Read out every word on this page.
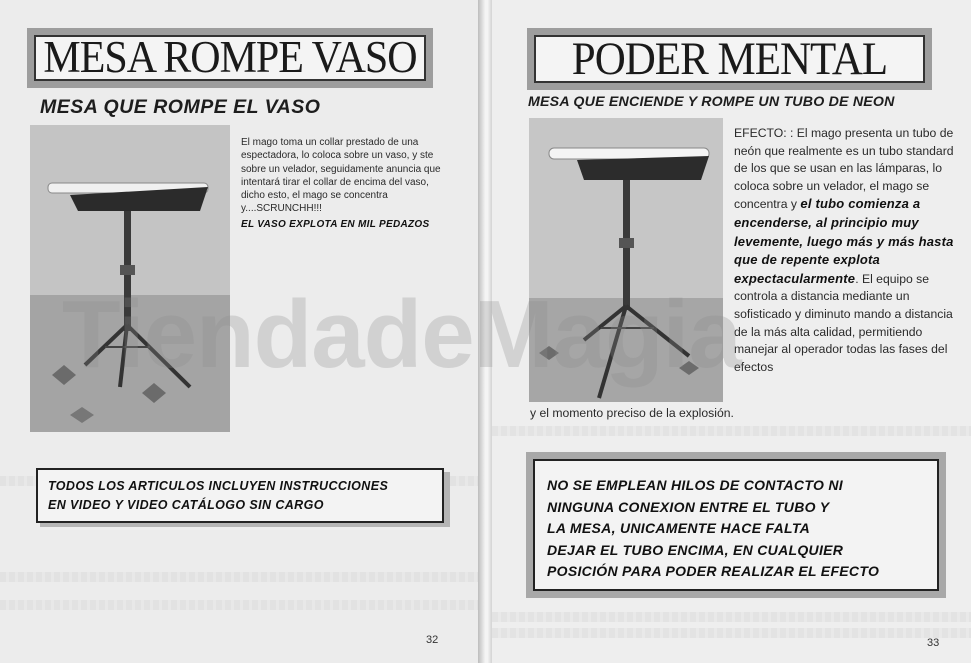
MESA ROMPE VASO
MESA QUE ROMPE EL VASO
El mago toma un collar prestado de una espectadora, lo coloca sobre un vaso, y ste sobre un velador, seguidamente anuncia que intentará tirar el collar de encima del vaso, dicho esto, el mago se concentra y....SCRUNCHH!!!
EL VASO EXPLOTA EN MIL PEDAZOS
TODOS LOS ARTICULOS INCLUYEN INSTRUCCIONES
EN VIDEO Y VIDEO CATÁLOGO SIN CARGO
32
PODER MENTAL
MESA QUE ENCIENDE Y ROMPE UN TUBO DE NEON
EFECTO: : El mago presenta un tubo de neón que realmente es un tubo standard de los que se usan en las lámparas, lo coloca sobre un velador, el mago se concentra y el tubo comienza a encenderse, al principio muy levemente, luego más y más hasta que de repente explota expectacularmente. El equipo se controla a distancia mediante un sofisticado y diminuto mando a distancia de la más alta calidad, permitiendo manejar al operador todas las fases del efectos
y el momento preciso de la explosión.
NO SE EMPLEAN HILOS DE CONTACTO NI
NINGUNA CONEXION ENTRE EL TUBO Y
LA MESA, UNICAMENTE HACE FALTA
DEJAR EL TUBO ENCIMA, EN CUALQUIER
POSICIÓN PARA PODER REALIZAR EL EFECTO
33
TiendadeMagia
